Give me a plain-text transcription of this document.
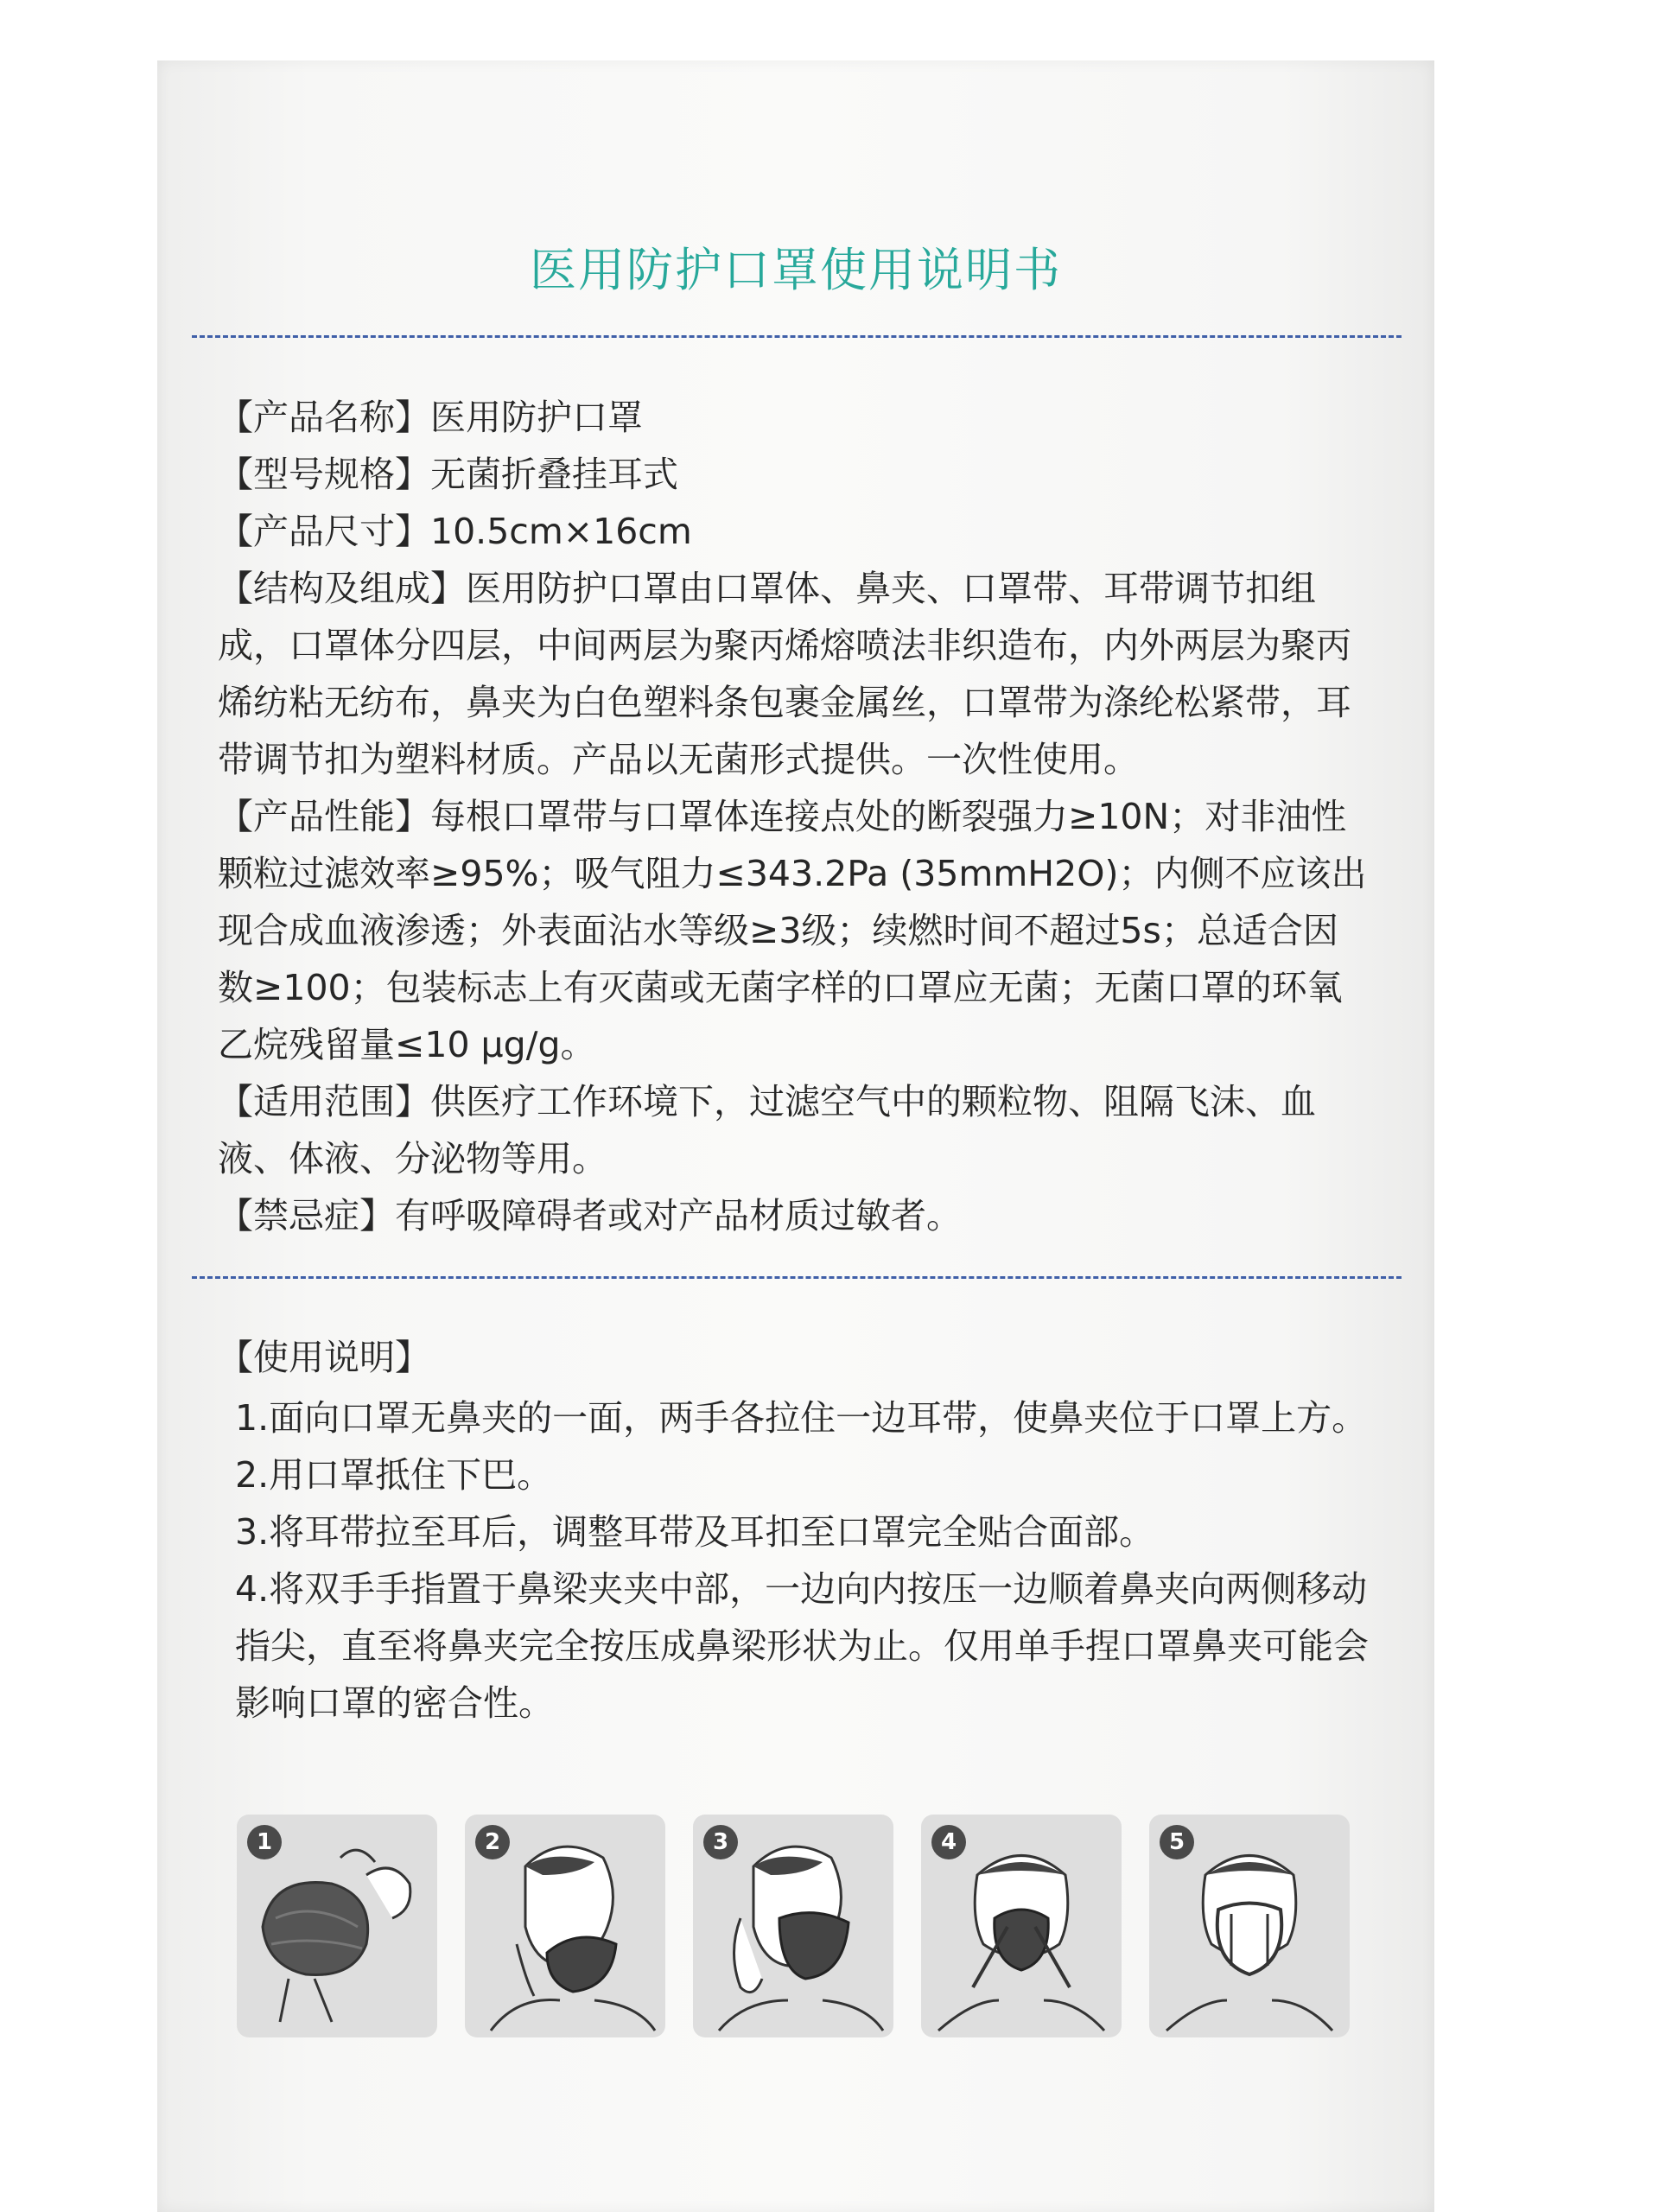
医用防护口罩使用说明书

【产品名称】医用防护口罩

【型号规格】无菌折叠挂耳式

【产品尺寸】10.5cm×16cm

【结构及组成】医用防护口罩由口罩体、鼻夹、口罩带、耳带调节扣组成，口罩体分四层，中间两层为聚丙烯熔喷法非织造布，内外两层为聚丙烯纺粘无纺布，鼻夹为白色塑料条包裹金属丝，口罩带为涤纶松紧带，耳带调节扣为塑料材质。产品以无菌形式提供。一次性使用。

【产品性能】每根口罩带与口罩体连接点处的断裂强力≥10N；对非油性颗粒过滤效率≥95%；吸气阻力≤343.2Pa (35mmH2O)；内侧不应该出现合成血液渗透；外表面沾水等级≥3级；续燃时间不超过5s；总适合因数≥100；包装标志上有灭菌或无菌字样的口罩应无菌；无菌口罩的环氧乙烷残留量≤10 μg/g。

【适用范围】供医疗工作环境下，过滤空气中的颗粒物、阻隔飞沫、血液、体液、分泌物等用。

【禁忌症】有呼吸障碍者或对产品材质过敏者。

【使用说明】

1.面向口罩无鼻夹的一面，两手各拉住一边耳带，使鼻夹位于口罩上方。

2.用口罩抵住下巴。

3.将耳带拉至耳后，调整耳带及耳扣至口罩完全贴合面部。

4.将双手手指置于鼻梁夹夹中部，一边向内按压一边顺着鼻夹向两侧移动指尖，直至将鼻夹完全按压成鼻梁形状为止。仅用单手捏口罩鼻夹可能会影响口罩的密合性。

1	2	3	4	5
